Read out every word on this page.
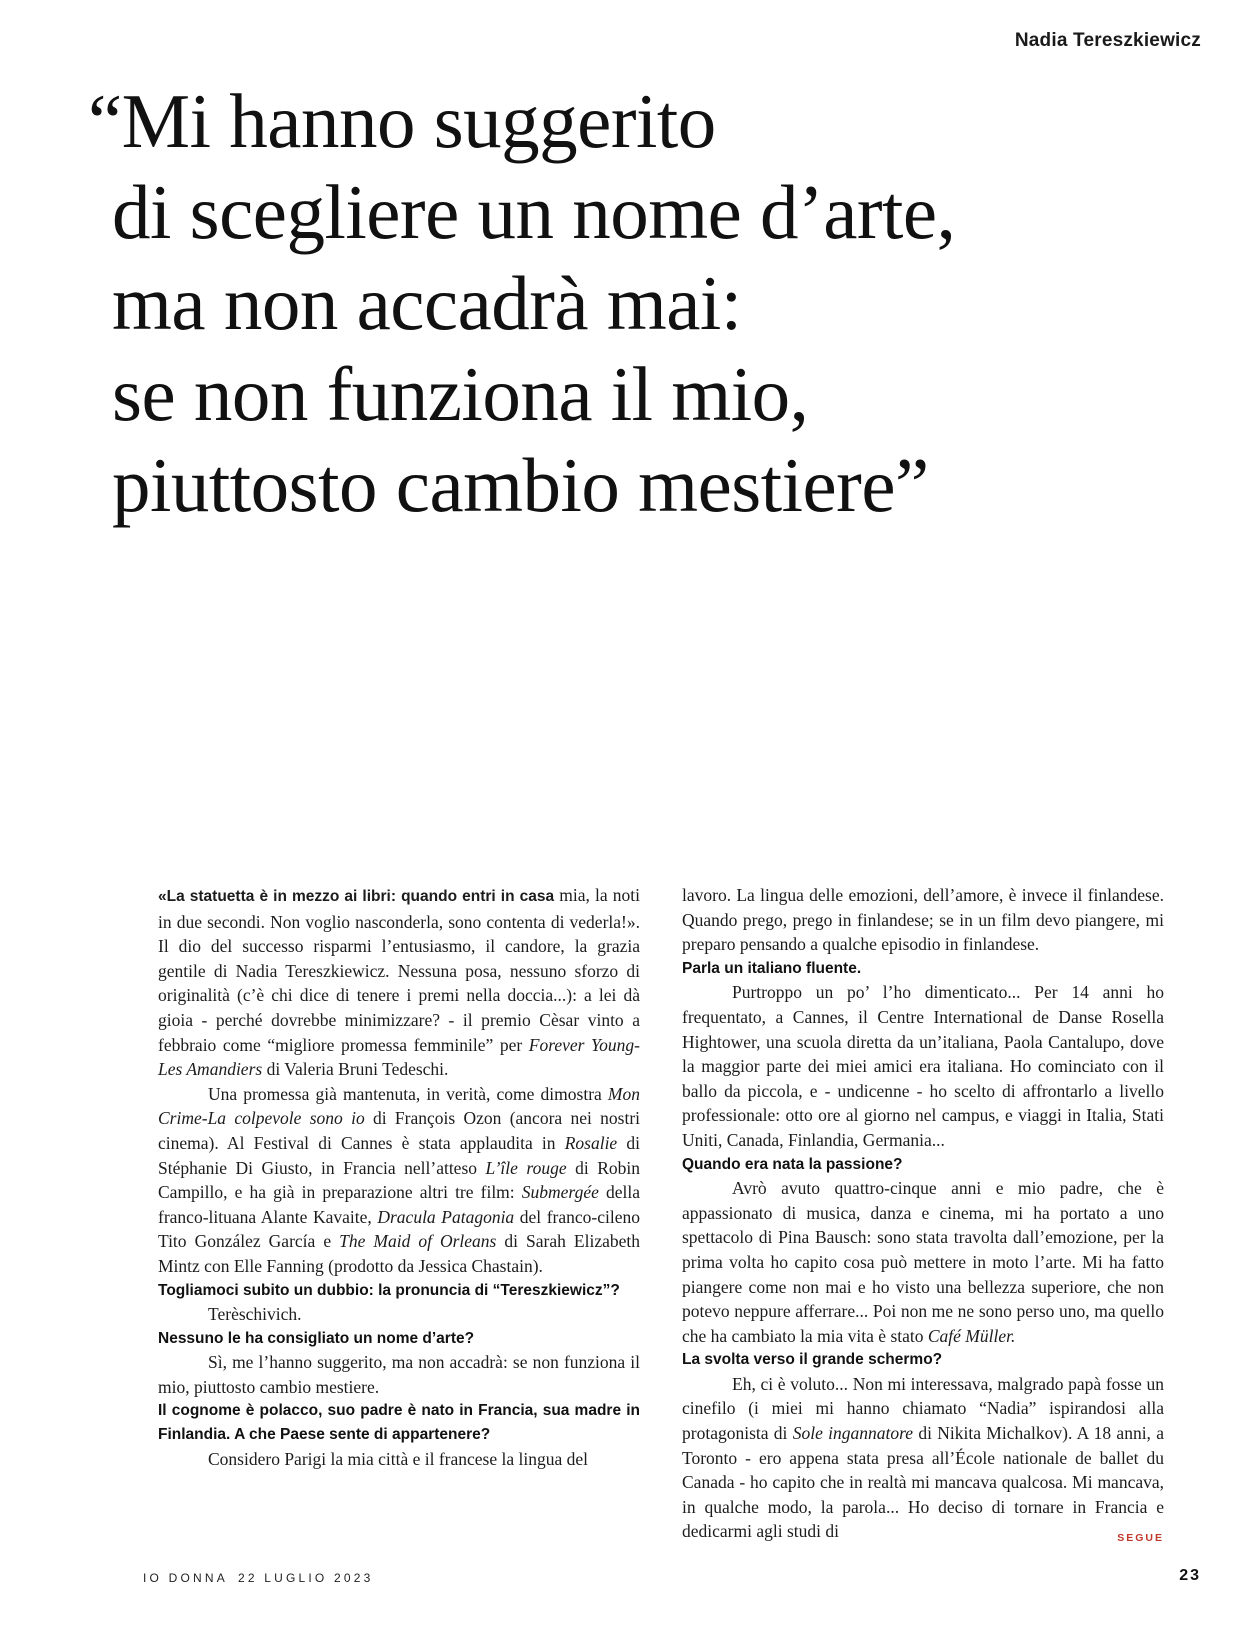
Nadia Tereszkiewicz
“Mi hanno suggerito
di scegliere un nome d’arte,
ma non accadrà mai:
se non funziona il mio,
piuttosto cambio mestiere”

«La statuetta è in mezzo ai libri: quando entri in casa mia, la noti in due secondi. Non voglio nasconderla, sono contenta di vederla!». Il dio del successo risparmi l’entusiasmo, il candore, la grazia gentile di Nadia Tereszkiewicz. Nessuna posa, nessuno sforzo di originalità (c’è chi dice di tenere i premi nella doccia...): a lei dà gioia - perché dovrebbe minimizzare? - il premio Cèsar vinto a febbraio come “migliore promessa femminile” per Forever Young-Les Amandiers di Valeria Bruni Tedeschi.

Una promessa già mantenuta, in verità, come dimostra Mon Crime-La colpevole sono io di François Ozon (ancora nei nostri cinema). Al Festival di Cannes è stata applaudita in Rosalie di Stéphanie Di Giusto, in Francia nell’atteso L’île rouge di Robin Campillo, e ha già in preparazione altri tre film: Submergée della franco-lituana Alante Kavaite, Dracula Patagonia del franco-cileno Tito González García e The Maid of Orleans di Sarah Elizabeth Mintz con Elle Fanning (prodotto da Jessica Chastain).

Togliamoci subito un dubbio: la pronuncia di “Tereszkiewicz”?

Terèschivich.

Nessuno le ha consigliato un nome d’arte?

Sì, me l’hanno suggerito, ma non accadrà: se non funziona il mio, piuttosto cambio mestiere.

Il cognome è polacco, suo padre è nato in Francia, sua madre in Finlandia. A che Paese sente di appartenere?

Considero Parigi la mia città e il francese la lingua del

lavoro. La lingua delle emozioni, dell’amore, è invece il finlandese. Quando prego, prego in finlandese; se in un film devo piangere, mi preparo pensando a qualche episodio in finlandese.

Parla un italiano fluente.

Purtroppo un po’ l’ho dimenticato... Per 14 anni ho frequentato, a Cannes, il Centre International de Danse Rosella Hightower, una scuola diretta da un’italiana, Paola Cantalupo, dove la maggior parte dei miei amici era italiana. Ho cominciato con il ballo da piccola, e - undicenne - ho scelto di affrontarlo a livello professionale: otto ore al giorno nel campus, e viaggi in Italia, Stati Uniti, Canada, Finlandia, Germania...

Quando era nata la passione?

Avrò avuto quattro-cinque anni e mio padre, che è appassionato di musica, danza e cinema, mi ha portato a uno spettacolo di Pina Bausch: sono stata travolta dall’emozione, per la prima volta ho capito cosa può mettere in moto l’arte. Mi ha fatto piangere come non mai e ho visto una bellezza superiore, che non potevo neppure afferrare... Poi non me ne sono perso uno, ma quello che ha cambiato la mia vita è stato Café Müller.

La svolta verso il grande schermo?

Eh, ci è voluto... Non mi interessava, malgrado papà fosse un cinefilo (i miei mi hanno chiamato “Nadia” ispirandosi alla protagonista di Sole ingannatore di Nikita Michalkov). A 18 anni, a Toronto - ero appena stata presa all’École nationale de ballet du Canada - ho capito che in realtà mi mancava qualcosa. Mi mancava, in qualche modo, la parola... Ho deciso di tornare in Francia e dedicarmi agli studi di	SEGUE

IO DONNA 22 LUGLIO 2023	23
